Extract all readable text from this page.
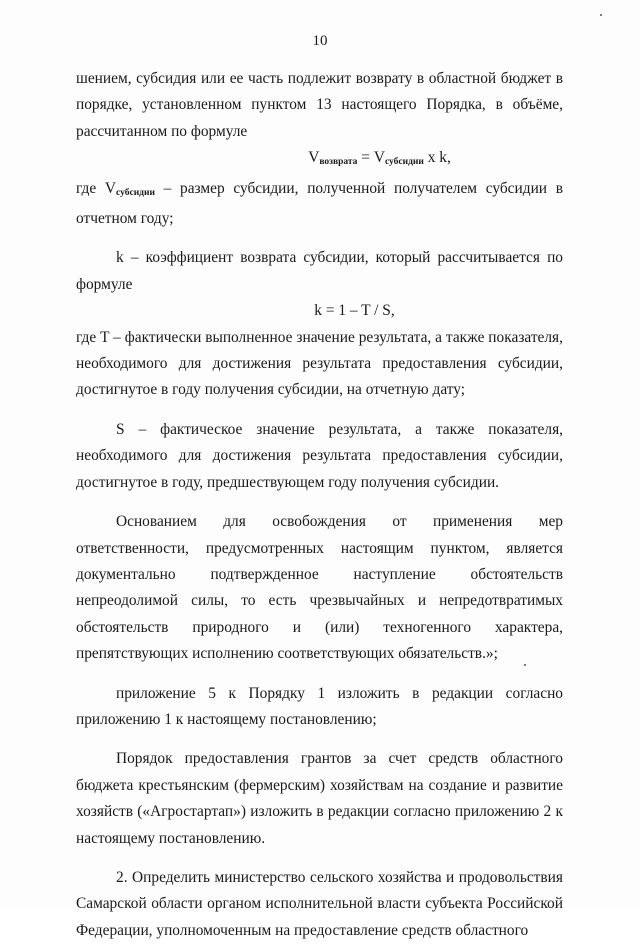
10

шением, субсидия или ее часть подлежит возврату в областной бюджет в порядке, установленном пунктом 13 настоящего Порядка, в объёме, рассчитанном по формуле

$V_{возврата} = V_{субсидии}$ x k,

где $V_{субсидии}$ – размер субсидии, полученной получателем субсидии в отчетном году;

k – коэффициент возврата субсидии, который рассчитывается по формуле

k = 1 – T / S,

где T – фактически выполненное значение результата, а также показателя, необходимого для достижения результата предоставления субсидии, достигнутое в году получения субсидии, на отчетную дату;

S – фактическое значение результата, а также показателя, необходимого для достижения результата предоставления субсидии, достигнутое в году, предшествующем году получения субсидии.

Основанием для освобождения от применения мер ответственности, предусмотренных настоящим пунктом, является документально подтвержденное наступление обстоятельств непреодолимой силы, то есть чрезвычайных и непредотвратимых обстоятельств природного и (или) техногенного характера, препятствующих исполнению соответствующих обязательств.»;

приложение 5 к Порядку 1 изложить в редакции согласно приложению 1 к настоящему постановлению;

Порядок предоставления грантов за счет средств областного бюджета крестьянским (фермерским) хозяйствам на создание и развитие хозяйств («Агростартап») изложить в редакции согласно приложению 2 к настоящему постановлению.

2. Определить министерство сельского хозяйства и продовольствия Самарской области органом исполнительной власти субъекта Российской Федерации, уполномоченным на предоставление средств областного
